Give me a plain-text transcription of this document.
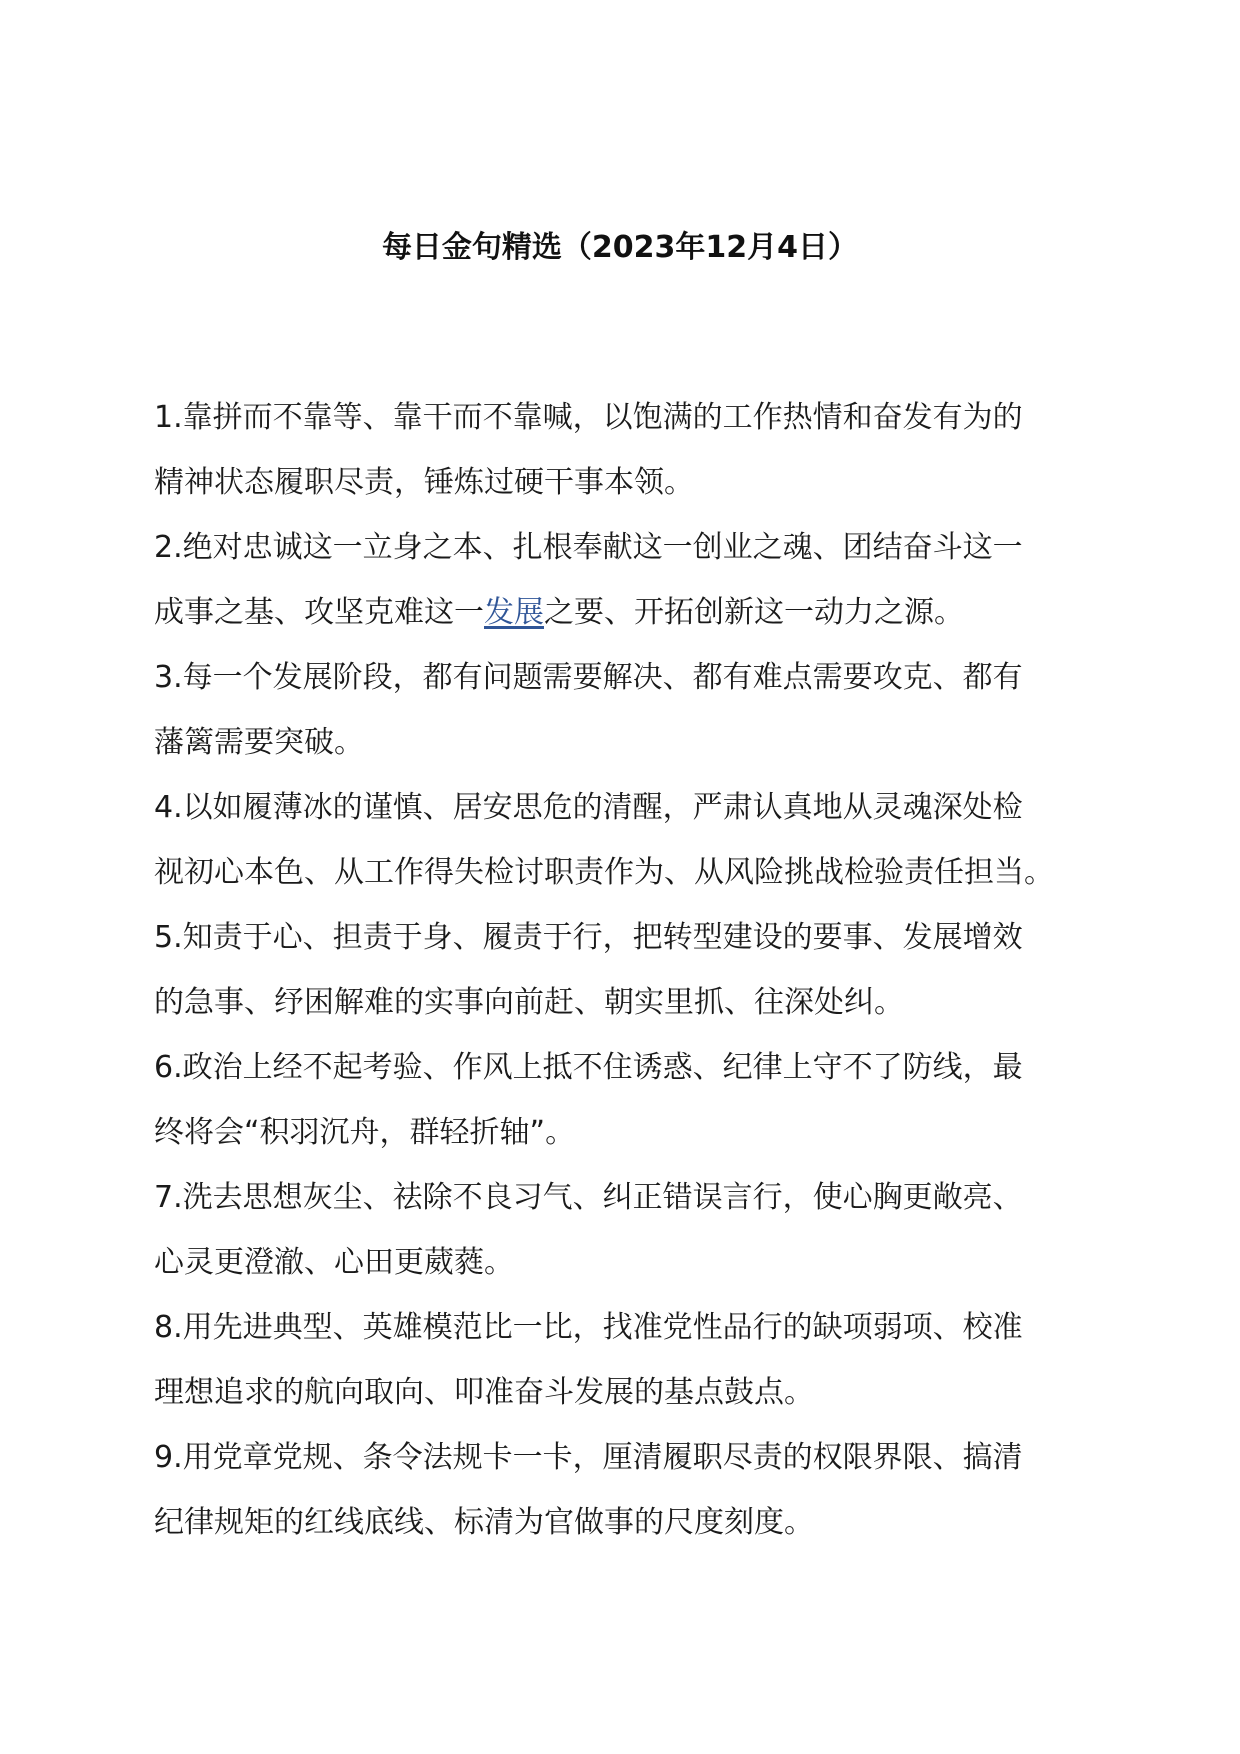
每日金句精选（2023年12月4日）
1.靠拼而不靠等、靠干而不靠喊，以饱满的工作热情和奋发有为的
精神状态履职尽责，锤炼过硬干事本领。
2.绝对忠诚这一立身之本、扎根奉献这一创业之魂、团结奋斗这一
成事之基、攻坚克难这一发展之要、开拓创新这一动力之源。
3.每一个发展阶段，都有问题需要解决、都有难点需要攻克、都有
藩篱需要突破。
4.以如履薄冰的谨慎、居安思危的清醒，严肃认真地从灵魂深处检
视初心本色、从工作得失检讨职责作为、从风险挑战检验责任担当。
5.知责于心、担责于身、履责于行，把转型建设的要事、发展增效
的急事、纾困解难的实事向前赶、朝实里抓、往深处纠。
6.政治上经不起考验、作风上抵不住诱惑、纪律上守不了防线，最
终将会“积羽沉舟，群轻折轴”。
7.洗去思想灰尘、祛除不良习气、纠正错误言行，使心胸更敞亮、
心灵更澄澈、心田更葳蕤。
8.用先进典型、英雄模范比一比，找准党性品行的缺项弱项、校准
理想追求的航向取向、叩准奋斗发展的基点鼓点。
9.用党章党规、条令法规卡一卡，厘清履职尽责的权限界限、搞清
纪律规矩的红线底线、标清为官做事的尺度刻度。
